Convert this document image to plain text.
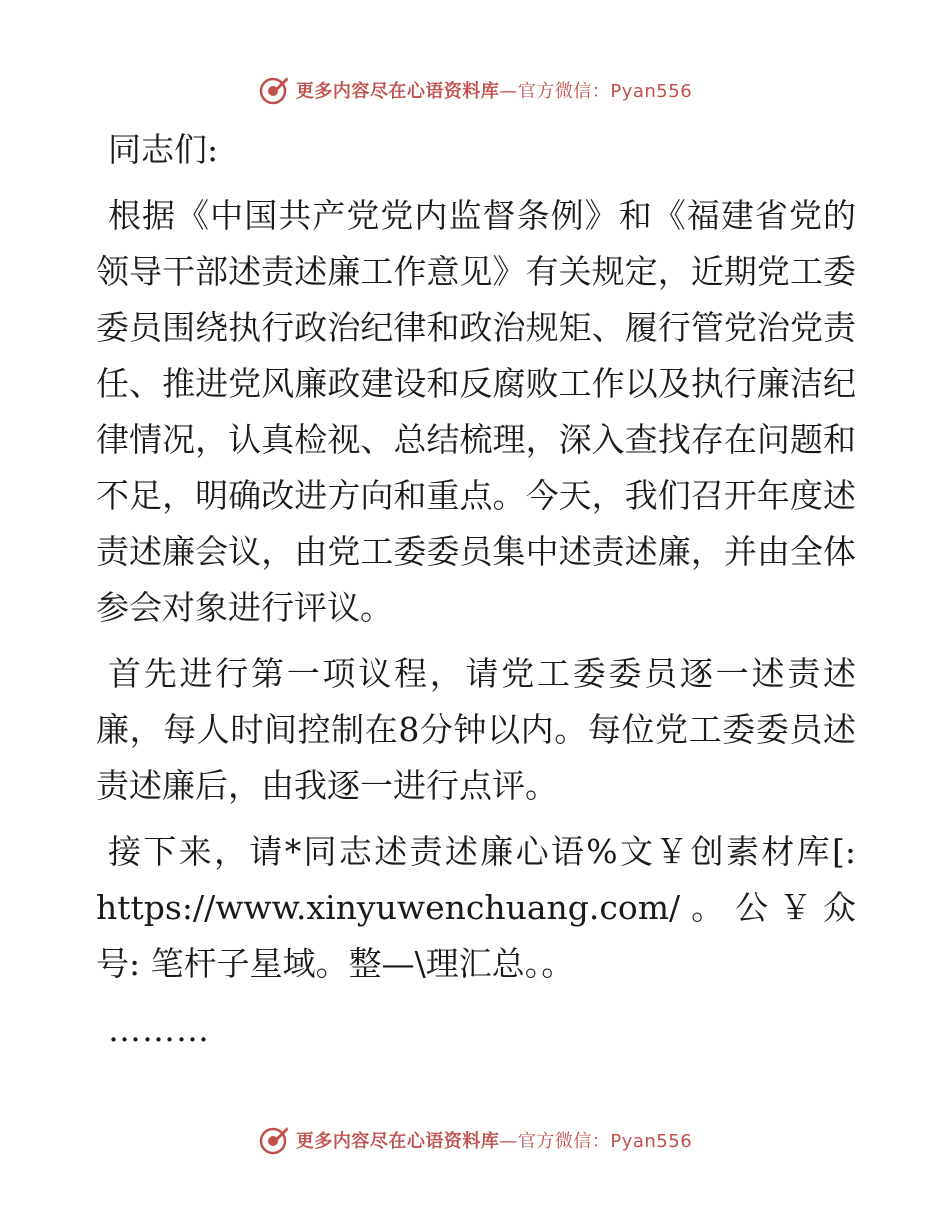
更多内容尽在心语资料库—官方微信：Pyan556

同志们:

根据《中国共产党党内监督条例》和《福建省党的领导干部述责述廉工作意见》有关规定，近期党工委委员围绕执行政治纪律和政治规矩、履行管党治党责任、推进党风廉政建设和反腐败工作以及执行廉洁纪律情况，认真检视、总结梳理，深入查找存在问题和不足，明确改进方向和重点。今天，我们召开年度述责述廉会议，由党工委委员集中述责述廉，并由全体参会对象进行评议。

首先进行第一项议程，请党工委委员逐一述责述廉，每人时间控制在8分钟以内。每位党工委委员述责述廉后，由我逐一进行点评。

接下来，请*同志述责述廉心语%文￥创素材库[: https://www.xinyuwenchuang.com/。公￥众号: 笔杆子星域。整—\理汇总。。

………

更多内容尽在心语资料库—官方微信：Pyan556
